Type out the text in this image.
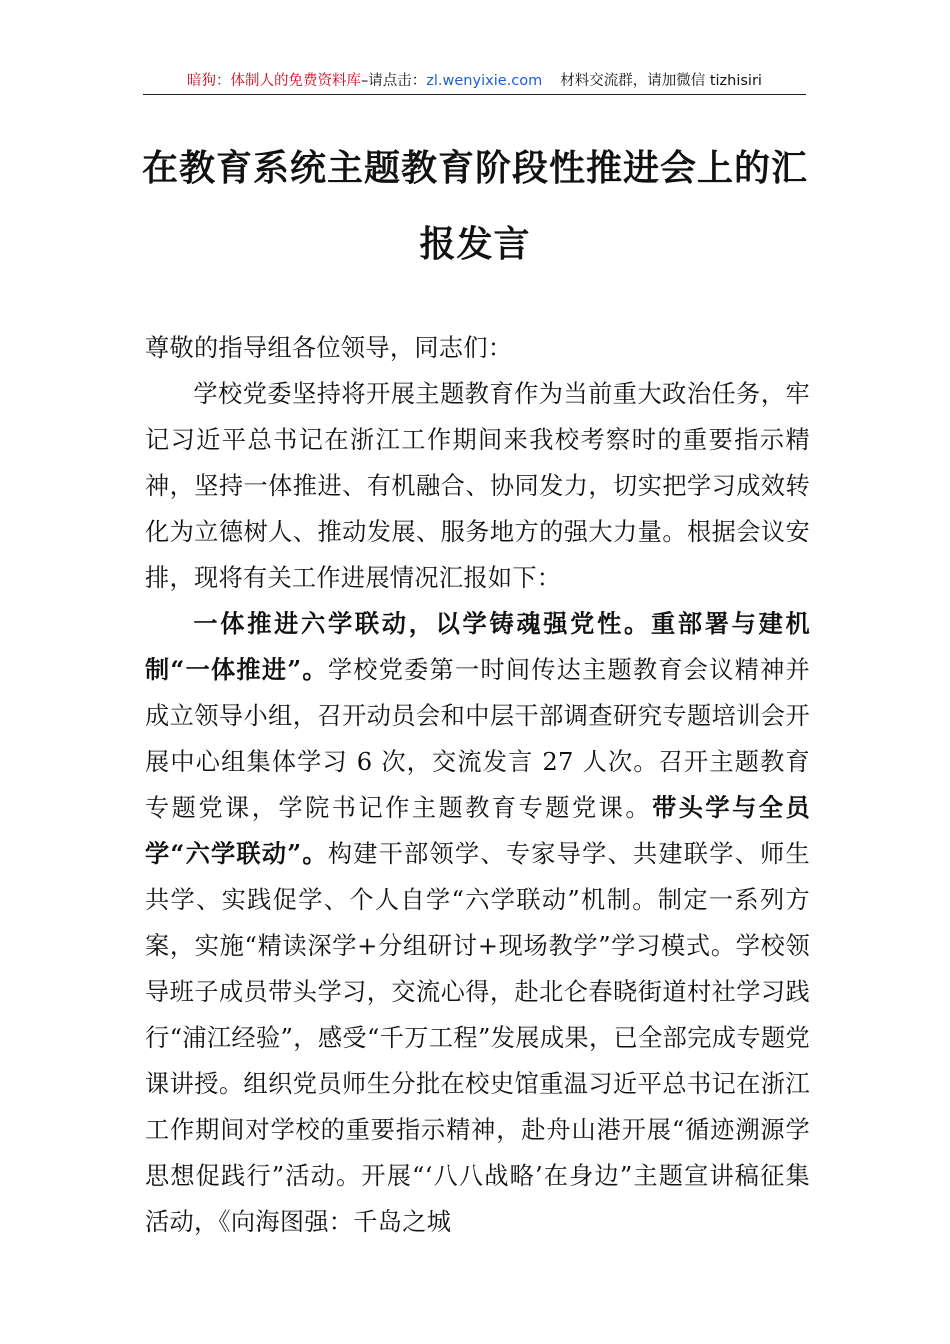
暗狗：体制人的免费资料库–请点击：zl.wenyixie.com 材料交流群，请加微信 tizhisiri
在教育系统主题教育阶段性推进会上的汇
报发言

尊敬的指导组各位领导，同志们：

学校党委坚持将开展主题教育作为当前重大政治任务，牢记习近平总书记在浙江工作期间来我校考察时的重要指示精神，坚持一体推进、有机融合、协同发力，切实把学习成效转化为立德树人、推动发展、服务地方的强大力量。根据会议安排，现将有关工作进展情况汇报如下：

一体推进六学联动，以学铸魂强党性。重部署与建机制“一体推进”。学校党委第一时间传达主题教育会议精神并成立领导小组，召开动员会和中层干部调查研究专题培训会开展中心组集体学习 6 次，交流发言 27 人次。召开主题教育专题党课，学院书记作主题教育专题党课。带头学与全员学“六学联动”。构建干部领学、专家导学、共建联学、师生共学、实践促学、个人自学“六学联动”机制。制定一系列方案，实施“精读深学+分组研讨+现场教学”学习模式。学校领导班子成员带头学习，交流心得，赴北仑春晓街道村社学习践行“浦江经验”，感受“千万工程”发展成果，已全部完成专题党课讲授。组织党员师生分批在校史馆重温习近平总书记在浙江工作期间对学校的重要指示精神，赴舟山港开展“循迹溯源学思想促践行”活动。开展“‘八八战略’在身边”主题宣讲稿征集活动，《向海图强：千岛之城
